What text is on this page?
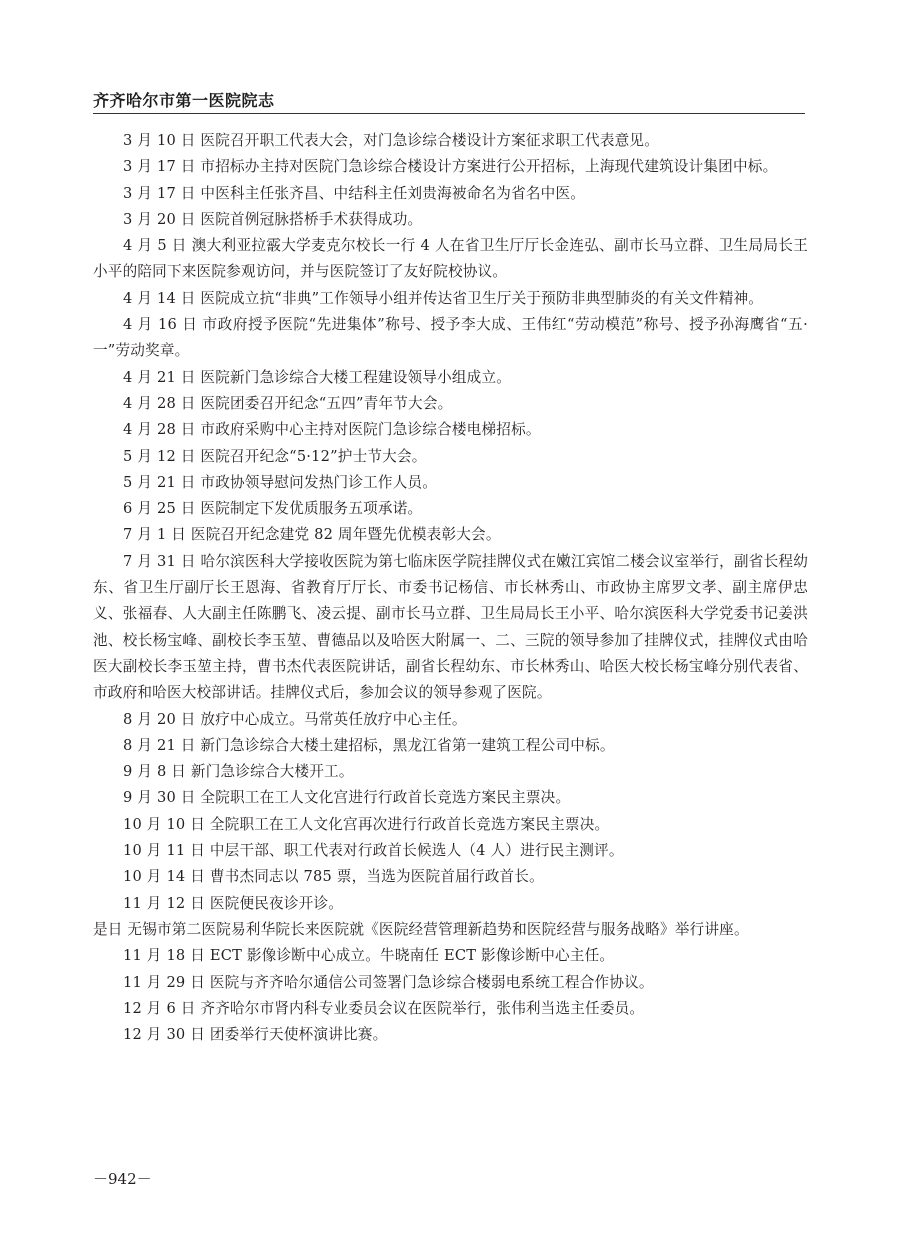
齐齐哈尔市第一医院院志

3 月 10 日 医院召开职工代表大会，对门急诊综合楼设计方案征求职工代表意见。

3 月 17 日 市招标办主持对医院门急诊综合楼设计方案进行公开招标，上海现代建筑设计集团中标。

3 月 17 日 中医科主任张齐昌、中结科主任刘贵海被命名为省名中医。

3 月 20 日 医院首例冠脉搭桥手术获得成功。

4 月 5 日 澳大利亚拉霰大学麦克尔校长一行 4 人在省卫生厅厅长金连弘、副市长马立群、卫生局局长王小平的陪同下来医院参观访问，并与医院签订了友好院校协议。

4 月 14 日 医院成立抗“非典”工作领导小组并传达省卫生厅关于预防非典型肺炎的有关文件精神。

4 月 16 日 市政府授予医院“先进集体”称号、授予李大成、王伟红“劳动模范”称号、授予孙海鹰省“五·一”劳动奖章。

4 月 21 日 医院新门急诊综合大楼工程建设领导小组成立。

4 月 28 日 医院团委召开纪念“五四”青年节大会。

4 月 28 日 市政府采购中心主持对医院门急诊综合楼电梯招标。

5 月 12 日 医院召开纪念“5·12”护士节大会。

5 月 21 日 市政协领导慰问发热门诊工作人员。

6 月 25 日 医院制定下发优质服务五项承诺。

7 月 1 日 医院召开纪念建党 82 周年暨先优模表彰大会。

7 月 31 日 哈尔滨医科大学接收医院为第七临床医学院挂牌仪式在嫩江宾馆二楼会议室举行，副省长程幼东、省卫生厅副厅长王恩海、省教育厅厅长、市委书记杨信、市长林秀山、市政协主席罗文孝、副主席伊忠义、张福春、人大副主任陈鹏飞、凌云提、副市长马立群、卫生局局长王小平、哈尔滨医科大学党委书记姜洪池、校长杨宝峰、副校长李玉堃、曹德品以及哈医大附属一、二、三院的领导参加了挂牌仪式，挂牌仪式由哈医大副校长李玉堃主持，曹书杰代表医院讲话，副省长程幼东、市长林秀山、哈医大校长杨宝峰分别代表省、市政府和哈医大校部讲话。挂牌仪式后，参加会议的领导参观了医院。

8 月 20 日 放疗中心成立。马常英任放疗中心主任。

8 月 21 日 新门急诊综合大楼土建招标，黑龙江省第一建筑工程公司中标。

9 月 8 日 新门急诊综合大楼开工。

9 月 30 日 全院职工在工人文化宫进行行政首长竞选方案民主票决。

10 月 10 日 全院职工在工人文化宫再次进行行政首长竞选方案民主票决。

10 月 11 日 中层干部、职工代表对行政首长候选人（4 人）进行民主测评。

10 月 14 日 曹书杰同志以 785 票，当选为医院首届行政首长。

11 月 12 日 医院便民夜诊开诊。

是日 无锡市第二医院易利华院长来医院就《医院经营管理新趋势和医院经营与服务战略》举行讲座。

11 月 18 日 ECT 影像诊断中心成立。牛晓南任 ECT 影像诊断中心主任。

11 月 29 日 医院与齐齐哈尔通信公司签署门急诊综合楼弱电系统工程合作协议。

12 月 6 日 齐齐哈尔市肾内科专业委员会议在医院举行，张伟利当选主任委员。

12 月 30 日 团委举行天使杯演讲比赛。

－942－
